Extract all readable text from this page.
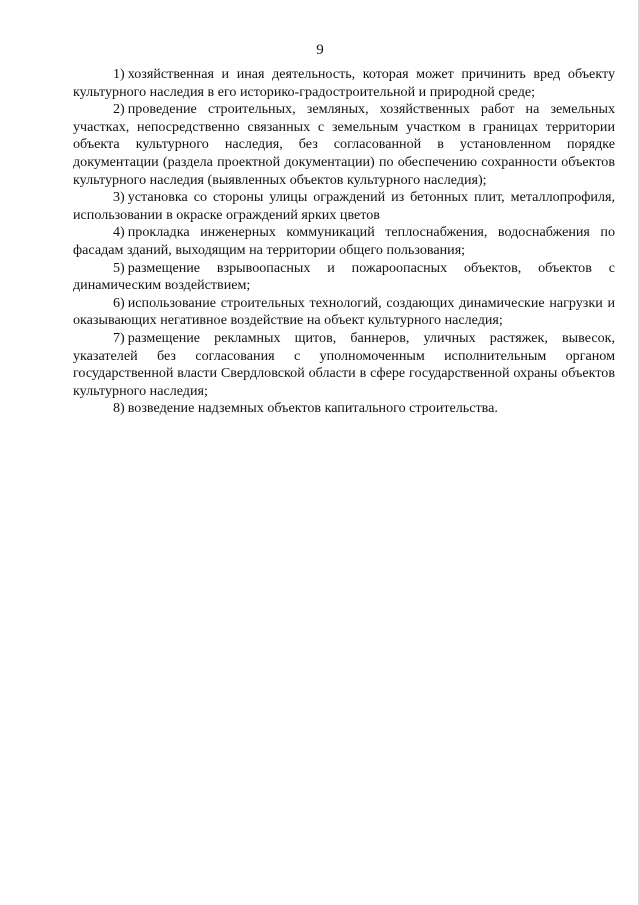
9

1) хозяйственная и иная деятельность, которая может причинить вред объекту культурного наследия в его историко-градостроительной и природной среде;

2) проведение строительных, земляных, хозяйственных работ на земельных участках, непосредственно связанных с земельным участком в границах территории объекта культурного наследия, без согласованной в установленном порядке документации (раздела проектной документации) по обеспечению сохранности объектов культурного наследия (выявленных объектов культурного наследия);

3) установка со стороны улицы ограждений из бетонных плит, металлопрофиля, использовании в окраске ограждений ярких цветов

4) прокладка инженерных коммуникаций теплоснабжения, водоснабжения по фасадам зданий, выходящим на территории общего пользования;

5) размещение взрывоопасных и пожароопасных объектов, объектов с динамическим воздействием;

6) использование строительных технологий, создающих динамические нагрузки и оказывающих негативное воздействие на объект культурного наследия;

7) размещение рекламных щитов, баннеров, уличных растяжек, вывесок, указателей без согласования с уполномоченным исполнительным органом государственной власти Свердловской области в сфере государственной охраны объектов культурного наследия;

8) возведение надземных объектов капитального строительства.
